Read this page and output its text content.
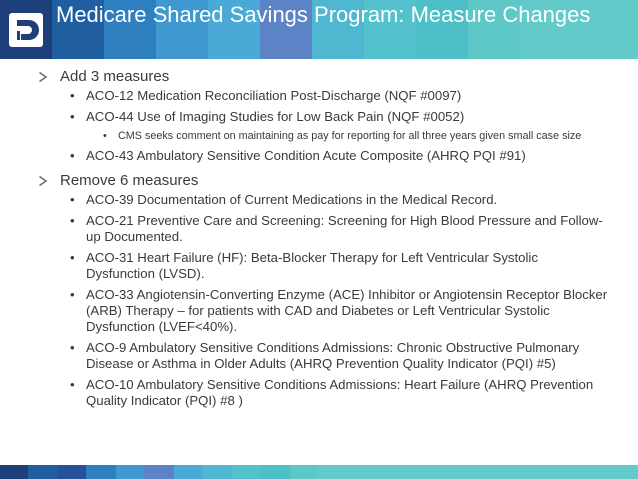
Medicare Shared Savings Program: Measure Changes
Add 3 measures
• ACO-12 Medication Reconciliation Post-Discharge (NQF #0097)
• ACO-44 Use of Imaging Studies for Low Back Pain (NQF #0052)
• CMS seeks comment on maintaining as pay for reporting for all three years given small case size
• ACO-43 Ambulatory Sensitive Condition Acute Composite (AHRQ PQI #91)
Remove 6 measures
• ACO-39 Documentation of Current Medications in the Medical Record.
• ACO-21 Preventive Care and Screening: Screening for High Blood Pressure and Follow-up Documented.
• ACO-31 Heart Failure (HF): Beta-Blocker Therapy for Left Ventricular Systolic Dysfunction (LVSD).
• ACO-33 Angiotensin-Converting Enzyme (ACE) Inhibitor or Angiotensin Receptor Blocker (ARB) Therapy – for patients with CAD and Diabetes or Left Ventricular Systolic Dysfunction (LVEF<40%).
• ACO-9 Ambulatory Sensitive Conditions Admissions: Chronic Obstructive Pulmonary Disease or Asthma in Older Adults (AHRQ Prevention Quality Indicator (PQI) #5)
• ACO-10 Ambulatory Sensitive Conditions Admissions: Heart Failure (AHRQ Prevention Quality Indicator (PQI) #8 )
